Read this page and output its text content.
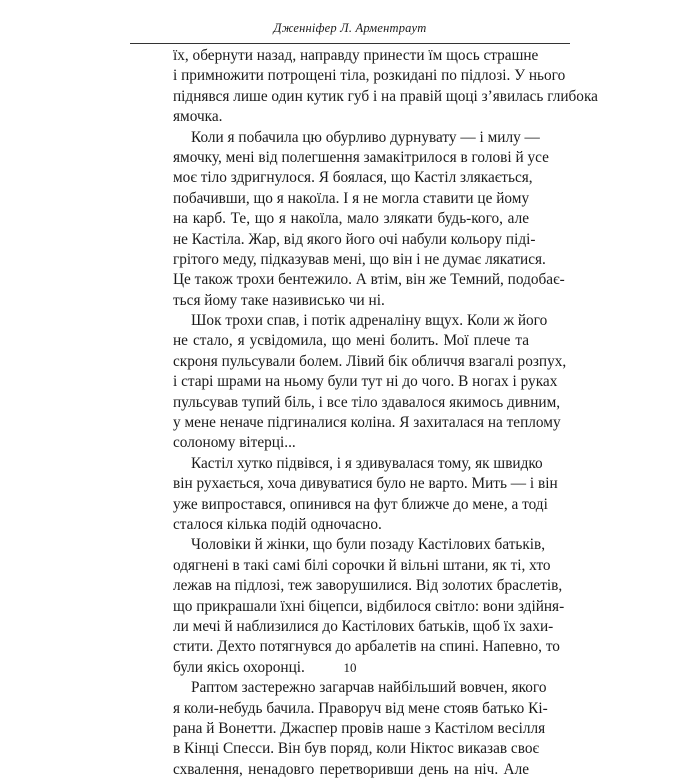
Дженніфер Л. Арментраут
їх, обернути назад, направду принести їм щось страшне
і примножити потрощені тіла, розкидані по підлозі. У нього
піднявся лише один кутик губ і на правій щоці з’явилась глибока
ямочка.
Коли я побачила цю обурливо дурнувату — і милу —
ямочку, мені від полегшення замакітрилося в голові й усе
моє тіло здригнулося. Я боялася, що Кастіл злякається,
побачивши, що я накоїла. І я не могла ставити це йому
на карб. Те, що я накоїла, мало злякати будь-кого, але
не Кастіла. Жар, від якого його очі набули кольору підi-
грітого меду, підказував мені, що він і не думає лякатися.
Це також трохи бентежило. А втім, він же Темний, подобає-
ться йому таке називисько чи ні.
Шок трохи спав, і потік адреналіну вщух. Коли ж його
не стало, я усвідомила, що мені болить. Мої плече та
скроня пульсували болем. Лівий бік обличчя взагалі розпух,
і старі шрами на ньому були тут ні до чого. В ногах і руках
пульсував тупий біль, і все тіло здавалося якимось дивним,
у мене неначе підгиналися коліна. Я захиталася на теплому
солоному вітерці...
Кастіл хутко підвівся, і я здивувалася тому, як швидко
він рухається, хоча дивуватися було не варто. Мить — і він
уже випростався, опинився на фут ближче до мене, а тоді
сталося кілька подій одночасно.
Чоловіки й жінки, що були позаду Кастілових батьків,
одягнені в такі самі білі сорочки й вільні штани, як ті, хто
лежав на підлозі, теж заворушилися. Від золотих браслетів,
що прикрашали їхні біцепси, відбилося світло: вони здійня-
ли мечі й наблизилися до Кастілових батьків, щоб їх захи-
стити. Дехто потягнувся до арбалетів на спині. Напевно, то
були якісь охоронці.
Раптом застережно загарчав найбільший вовчен, якого
я коли-небудь бачила. Праворуч від мене стояв батько Кі-
рана й Вонетти. Джаспер провів наше з Кастілом весілля
в Кінці Спесси. Він був поряд, коли Ніктос виказав своє
схвалення, ненадовго перетворивши день на ніч. Але
10
